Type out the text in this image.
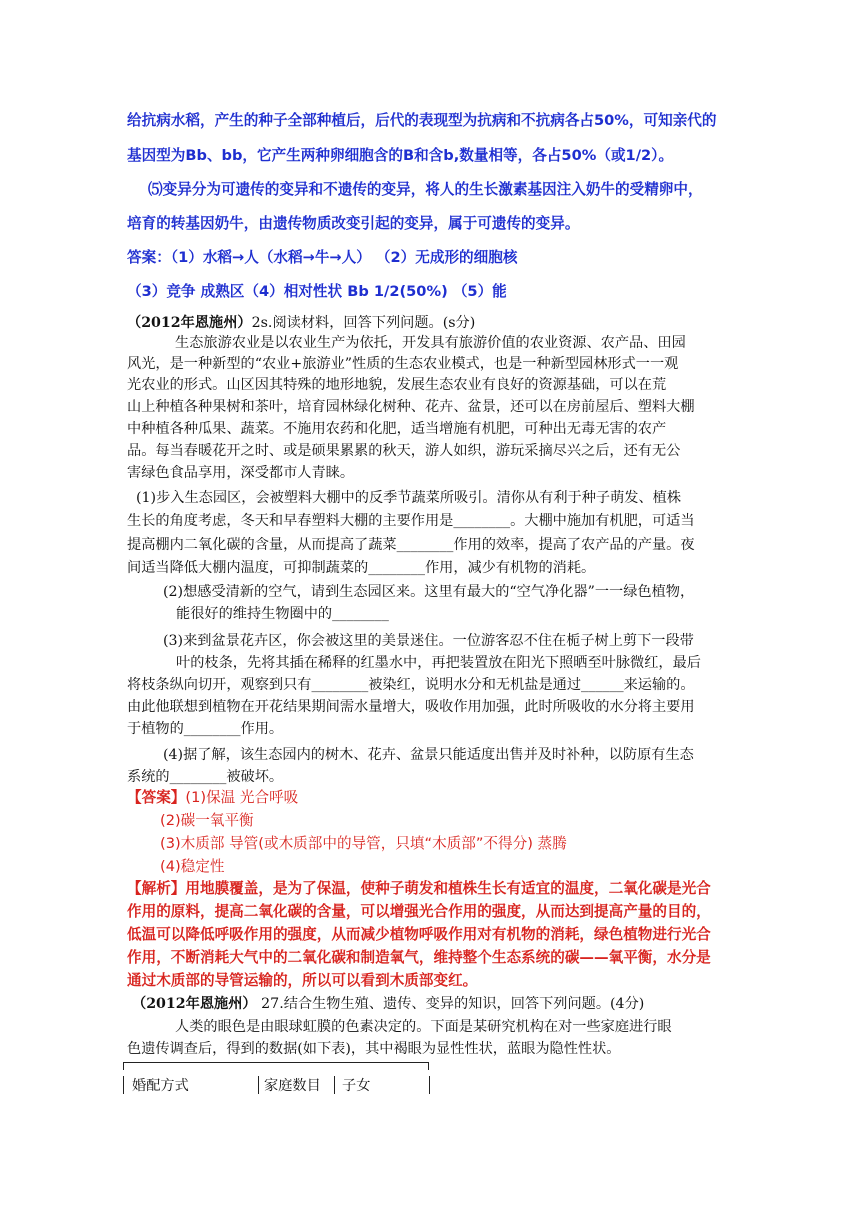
给抗病水稻，产生的种子全部种植后，后代的表现型为抗病和不抗病各占50%，可知亲代的
基因型为Bb、bb，它产生两种卵细胞含的B和含b,数量相等，各占50%（或1/2）。
⑸变异分为可遗传的变异和不遗传的变异，将人的生长激素基因注入奶牛的受精卵中，
培育的转基因奶牛，由遗传物质改变引起的变异，属于可遗传的变异。
答案：（1）水稻→人（水稻→牛→人） （2）无成形的细胞核
（3）竞争 成熟区（4）相对性状 Bb 1/2(50%) （5）能
（2012年恩施州）2s.阅读材料，回答下列问题。(s分)
生态旅游农业是以农业生产为依托，开发具有旅游价值的农业资源、农产品、田园
风光，是一种新型的“农业+旅游业”性质的生态农业模式，也是一种新型园林形式一一观
光农业的形式。山区因其特殊的地形地貌，发展生态农业有良好的资源基础，可以在荒
山上种植各种果树和茶叶，培育园林绿化树种、花卉、盆景，还可以在房前屋后、塑料大棚
中种植各种瓜果、蔬菜。不施用农药和化肥，适当增施有机肥，可种出无毒无害的农产
品。每当春暖花开之时、或是硕果累累的秋天，游人如织，游玩采摘尽兴之后，还有无公
害绿色食品享用，深受都市人青睐。
(1)步入生态园区，会被塑料大棚中的反季节蔬菜所吸引。清你从有利于种子萌发、植株
生长的角度考虑，冬天和早春塑料大棚的主要作用是________。大棚中施加有机肥，可适当
提高棚内二氧化碳的含量，从而提高了蔬菜________作用的效率，提高了农产品的产量。夜
间适当降低大棚内温度，可抑制蔬菜的________作用，减少有机物的消耗。
(2)想感受清新的空气，请到生态园区来。这里有最大的“空气净化器”一一绿色植物，
能很好的维持生物圈中的________
(3)来到盆景花卉区，你会被这里的美景迷住。一位游客忍不住在栀子树上剪下一段带
叶的枝条，先将其插在稀释的红墨水中，再把装置放在阳光下照晒至叶脉微红，最后
将枝条纵向切开，观察到只有________被染红，说明水分和无机盐是通过______来运输的。
由此他联想到植物在开花结果期间需水量增大，吸收作用加强，此时所吸收的水分将主要用
于植物的________作用。
(4)据了解，该生态园内的树木、花卉、盆景只能适度出售并及时补种，以防原有生态
系统的________被破坏。
【答案】(1)保温 光合呼吸
(2)碳一氧平衡
(3)木质部 导管(或木质部中的导管，只填“木质部”不得分) 蒸腾
(4)稳定性
【解析】用地膜覆盖，是为了保温，使种子萌发和植株生长有适宜的温度，二氧化碳是光合
作用的原料，提高二氧化碳的含量，可以增强光合作用的强度，从而达到提高产量的目的，
低温可以降低呼吸作用的强度，从而减少植物呼吸作用对有机物的消耗，绿色植物进行光合
作用，不断消耗大气中的二氧化碳和制造氧气，维持整个生态系统的碳——氧平衡，水分是
通过木质部的导管运输的，所以可以看到木质部变红。
（2012年恩施州） 27.结合生物生殖、遗传、变异的知识，回答下列问题。(4分)
人类的眼色是由眼球虹膜的色素决定的。下面是某研究机构在对一些家庭进行眼
色遗传调查后，得到的数据(如下表)，其中褐眼为显性性状，蓝眼为隐性性状。
婚配方式	家庭数目 子女
